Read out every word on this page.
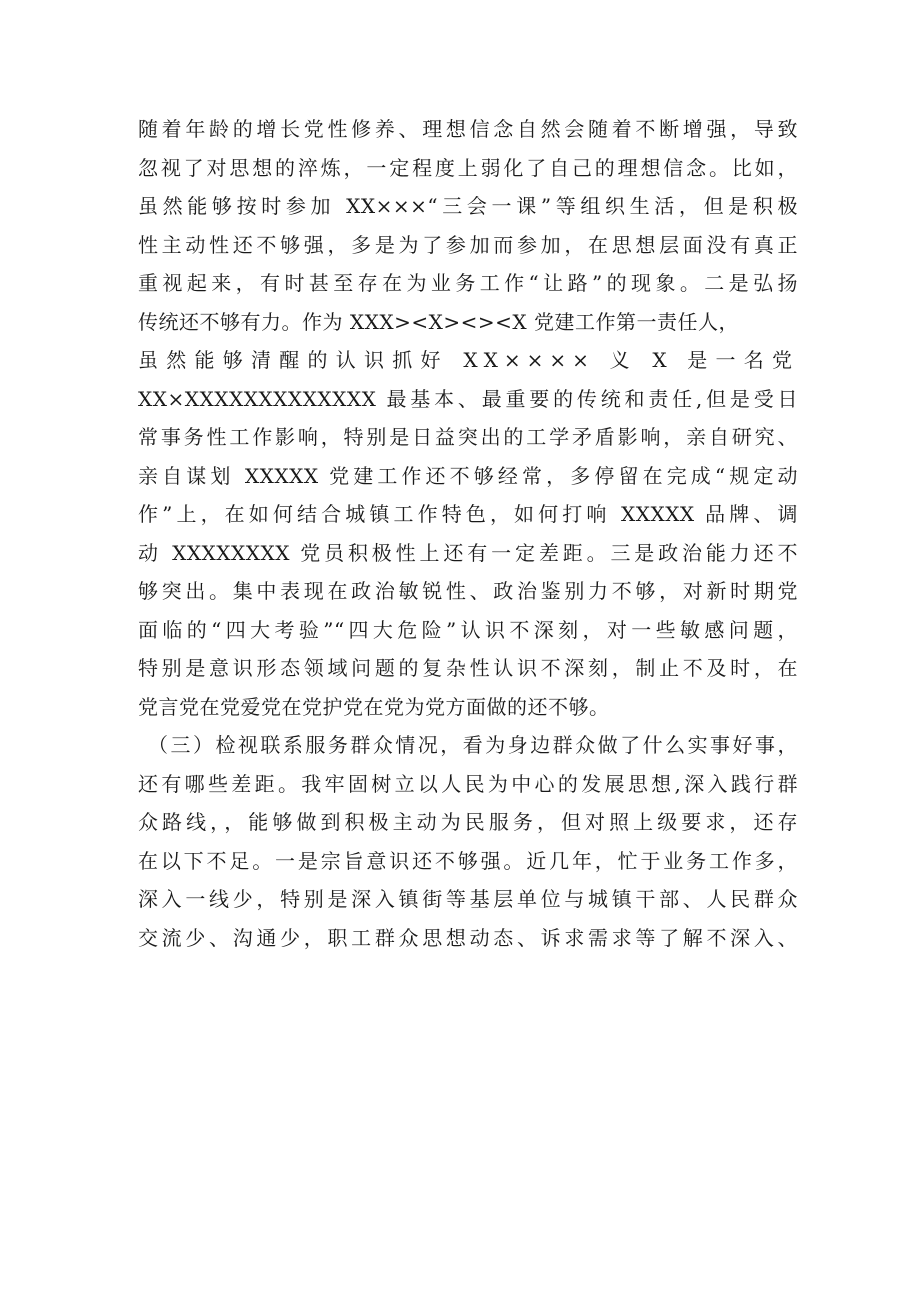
随着年龄的增长党性修养、理想信念自然会随着不断增强，导致
忽视了对思想的淬炼，一定程度上弱化了自己的理想信念。比如，
虽然能够按时参加 XX×××“三会一课”等组织生活，但是积极
性主动性还不够强，多是为了参加而参加，在思想层面没有真正
重视起来，有时甚至存在为业务工作“让路”的现象。二是弘扬
传统还不够有力。作为 XXX><X><><X 党建工作第一责任人，
虽然能够清醒的认识抓好 XX×××× 义 X 是一名党
XX×XXXXXXXXXXXXX 最基本、最重要的传统和责任,但是受日
常事务性工作影响，特别是日益突出的工学矛盾影响，亲自研究、
亲自谋划 XXXXX 党建工作还不够经常，多停留在完成“规定动
作”上，在如何结合城镇工作特色，如何打响 XXXXX 品牌、调
动 XXXXXXXX 党员积极性上还有一定差距。三是政治能力还不
够突出。集中表现在政治敏锐性、政治鉴别力不够，对新时期党
面临的“四大考验”“四大危险”认识不深刻，对一些敏感问题，
特别是意识形态领域问题的复杂性认识不深刻，制止不及时，在
党言党在党爱党在党护党在党为党方面做的还不够。
（三）检视联系服务群众情况，看为身边群众做了什么实事好事，
还有哪些差距。我牢固树立以人民为中心的发展思想,深入践行群
众路线，，能够做到积极主动为民服务，但对照上级要求，还存
在以下不足。一是宗旨意识还不够强。近几年，忙于业务工作多，
深入一线少，特别是深入镇街等基层单位与城镇干部、人民群众
交流少、沟通少，职工群众思想动态、诉求需求等了解不深入、
